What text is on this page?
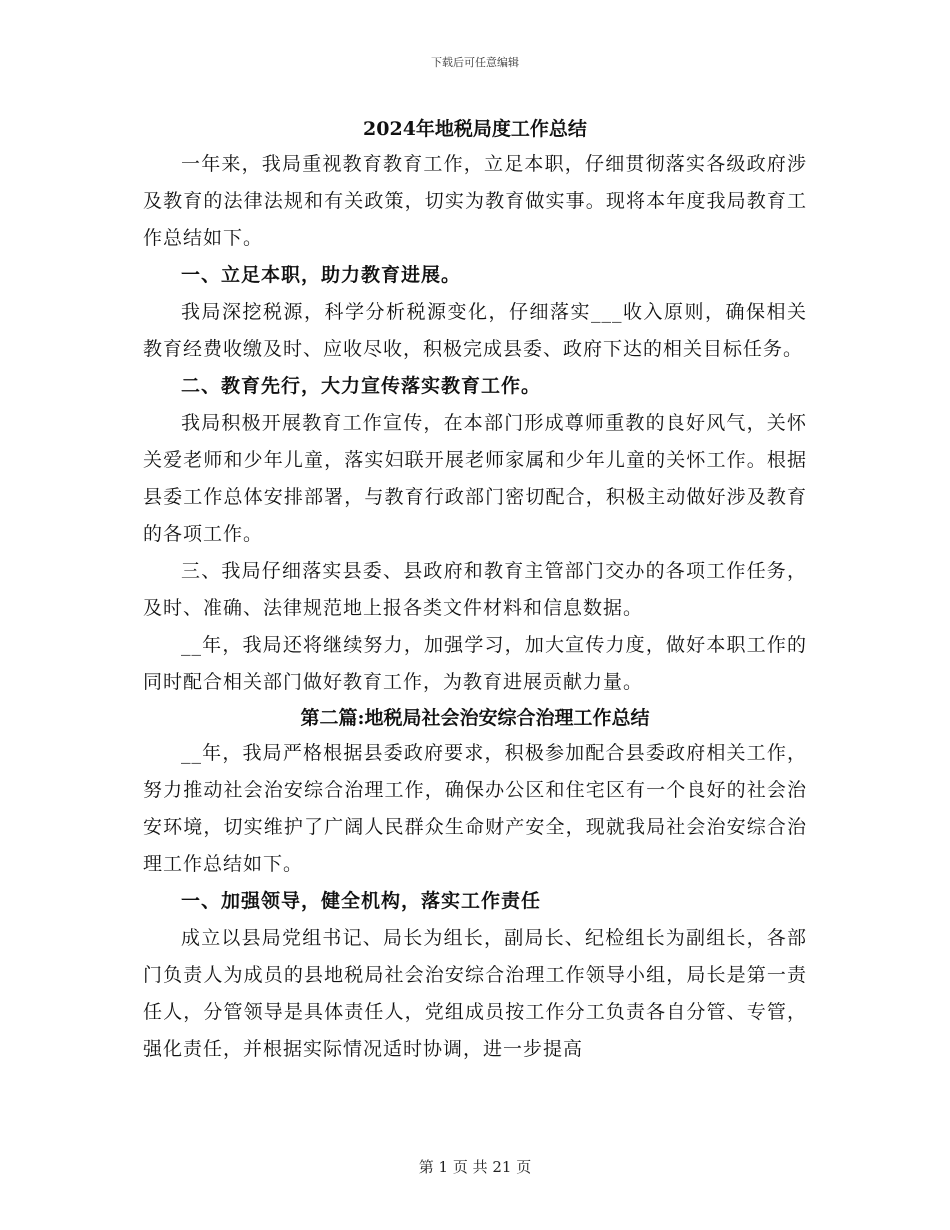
下载后可任意编辑
2024年地税局度工作总结
一年来，我局重视教育教育工作，立足本职，仔细贯彻落实各级政府涉及教育的法律法规和有关政策，切实为教育做实事。现将本年度我局教育工作总结如下。
一、立足本职，助力教育进展。
我局深挖税源，科学分析税源变化，仔细落实___收入原则，确保相关教育经费收缴及时、应收尽收，积极完成县委、政府下达的相关目标任务。
二、教育先行，大力宣传落实教育工作。
我局积极开展教育工作宣传，在本部门形成尊师重教的良好风气，关怀关爱老师和少年儿童，落实妇联开展老师家属和少年儿童的关怀工作。根据县委工作总体安排部署，与教育行政部门密切配合，积极主动做好涉及教育的各项工作。
三、我局仔细落实县委、县政府和教育主管部门交办的各项工作任务，及时、准确、法律规范地上报各类文件材料和信息数据。
__年，我局还将继续努力，加强学习，加大宣传力度，做好本职工作的同时配合相关部门做好教育工作，为教育进展贡献力量。
第二篇:地税局社会治安综合治理工作总结
__年，我局严格根据县委政府要求，积极参加配合县委政府相关工作，努力推动社会治安综合治理工作，确保办公区和住宅区有一个良好的社会治安环境，切实维护了广阔人民群众生命财产安全，现就我局社会治安综合治理工作总结如下。
一、加强领导，健全机构，落实工作责任
成立以县局党组书记、局长为组长，副局长、纪检组长为副组长，各部门负责人为成员的县地税局社会治安综合治理工作领导小组，局长是第一责任人，分管领导是具体责任人，党组成员按工作分工负责各自分管、专管，强化责任，并根据实际情况适时协调，进一步提高
第 1 页 共 21 页
